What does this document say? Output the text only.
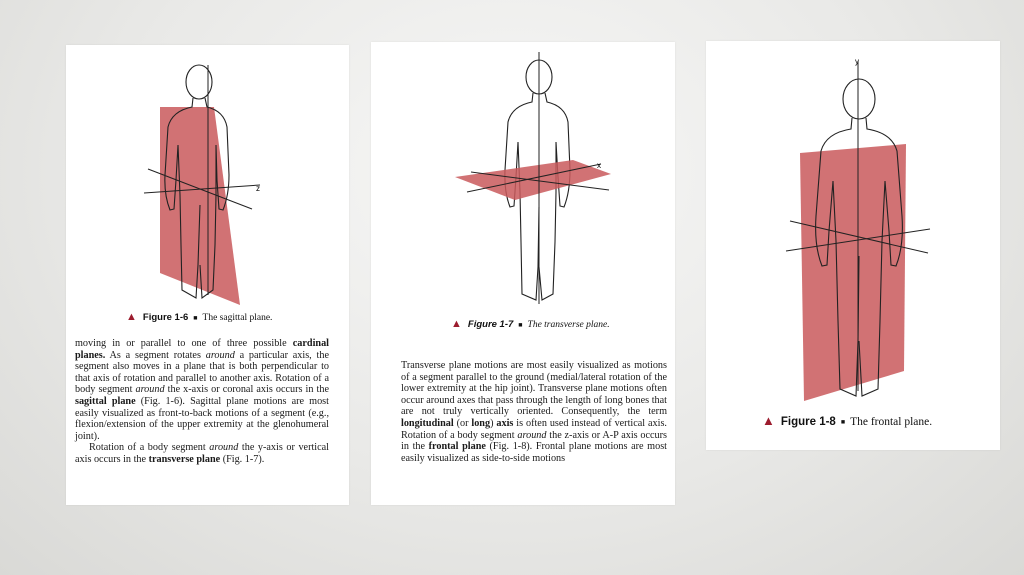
z
▲ Figure 1-6 ■ The sagittal plane.

moving in or parallel to one of three possible cardinal planes. As a segment rotates around a particular axis, the segment also moves in a plane that is both perpendicular to that axis of rotation and parallel to another axis. Rotation of a body segment around the x-axis or coronal axis occurs in the sagittal plane (Fig. 1-6). Sagittal plane motions are most easily visualized as front-to-back motions of a segment (e.g., flexion/extension of the upper extremity at the glenohumeral joint).

Rotation of a body segment around the y-axis or vertical axis occurs in the transverse plane (Fig. 1-7).

x
▲ Figure 1-7 ■ The transverse plane.

Transverse plane motions are most easily visualized as motions of a segment parallel to the ground (medial/lateral rotation of the lower extremity at the hip joint). Transverse plane motions often occur around axes that pass through the length of long bones that are not truly vertically oriented. Consequently, the term longitudinal (or long) axis is often used instead of vertical axis. Rotation of a body segment around the z-axis or A-P axis occurs in the frontal plane (Fig. 1-8). Frontal plane motions are most easily visualized as side-to-side motions

y
▲ Figure 1-8 ■ The frontal plane.
